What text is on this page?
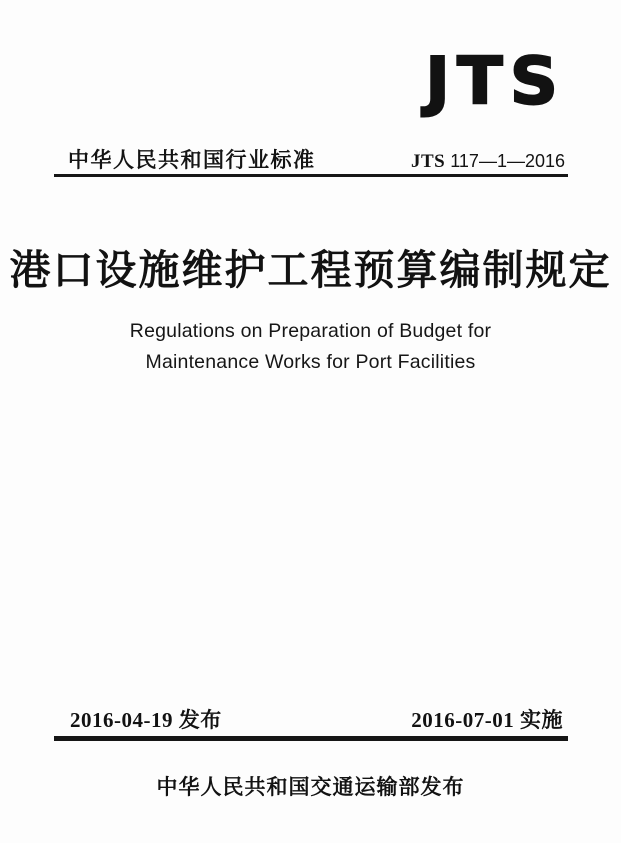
JTS
中华人民共和国行业标准	JTS 117—1—2016
港口设施维护工程预算编制规定

Regulations on Preparation of Budget for

Maintenance Works for Port Facilities

2016-04-19 发布	2016-07-01 实施
中华人民共和国交通运输部发布
